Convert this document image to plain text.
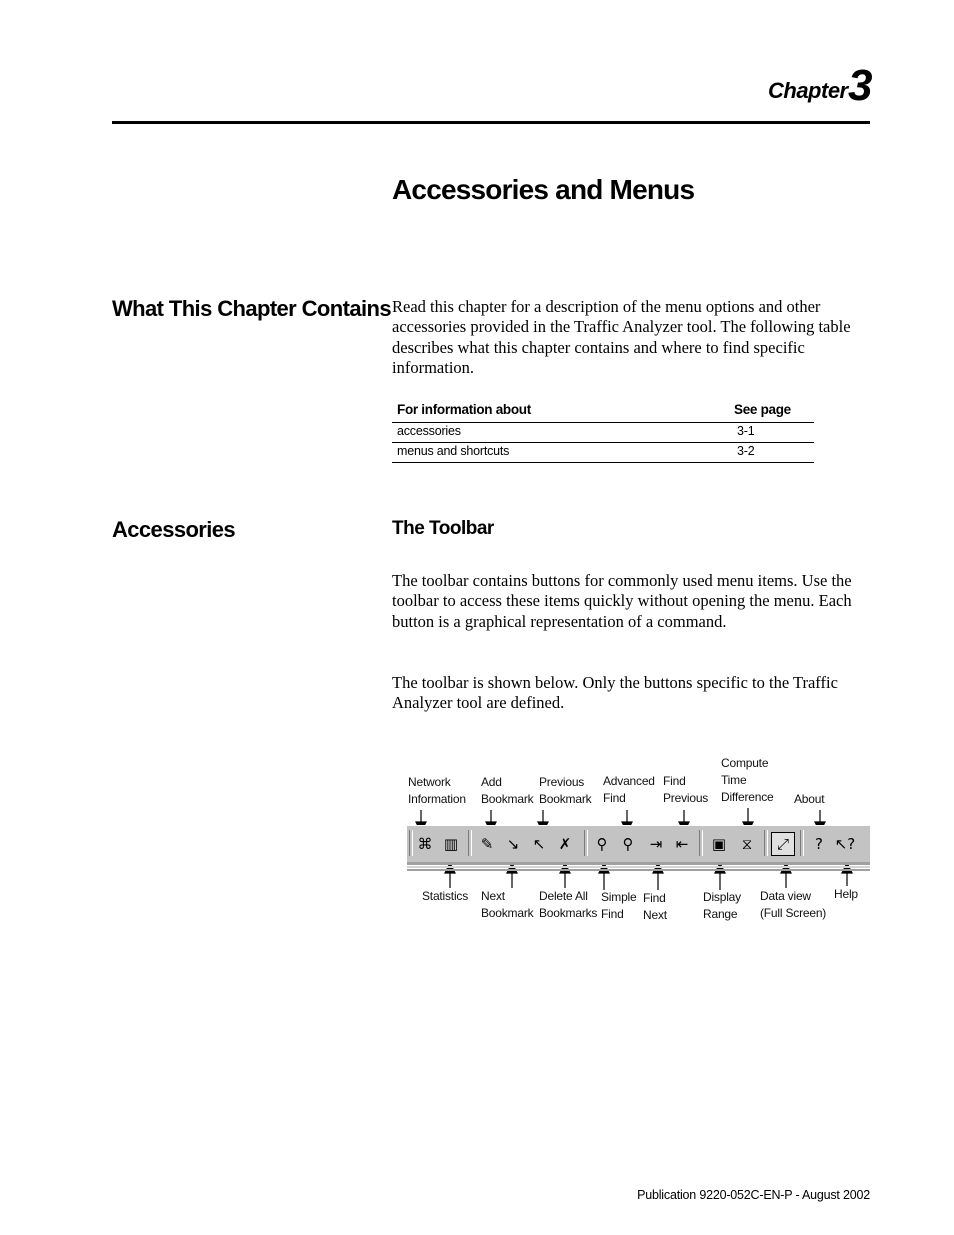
Chapter 3
Accessories and Menus
What This Chapter Contains Read this chapter for a description of the menu options and other accessories provided in the Traffic Analyzer tool. The following table describes what this chapter contains and where to find specific information.
For information about	See page
accessories	3-1
menus and shortcuts	3-2
Accessories	The Toolbar
The toolbar contains buttons for commonly used menu items. Use the toolbar to access these items quickly without opening the menu. Each button is a graphical representation of a command.
The toolbar is shown below. Only the buttons specific to the Traffic Analyzer tool are defined.
Network
Information
Add
Bookmark
Previous
Bookmark
Advanced
Find
Find
Previous
Compute
Time
Difference About
⌘ ▥	✎ ↘ ↖ ✗	⚲	⚲	⇥ ⇤	▣	⧖	⤢	? ↖?
Statistics Next
Bookmark
Delete All
Bookmarks
Simple
Find
Find
Next
Display
Range
Data view
(Full Screen)
Help
Publication 9220-052C-EN-P - August 2002
